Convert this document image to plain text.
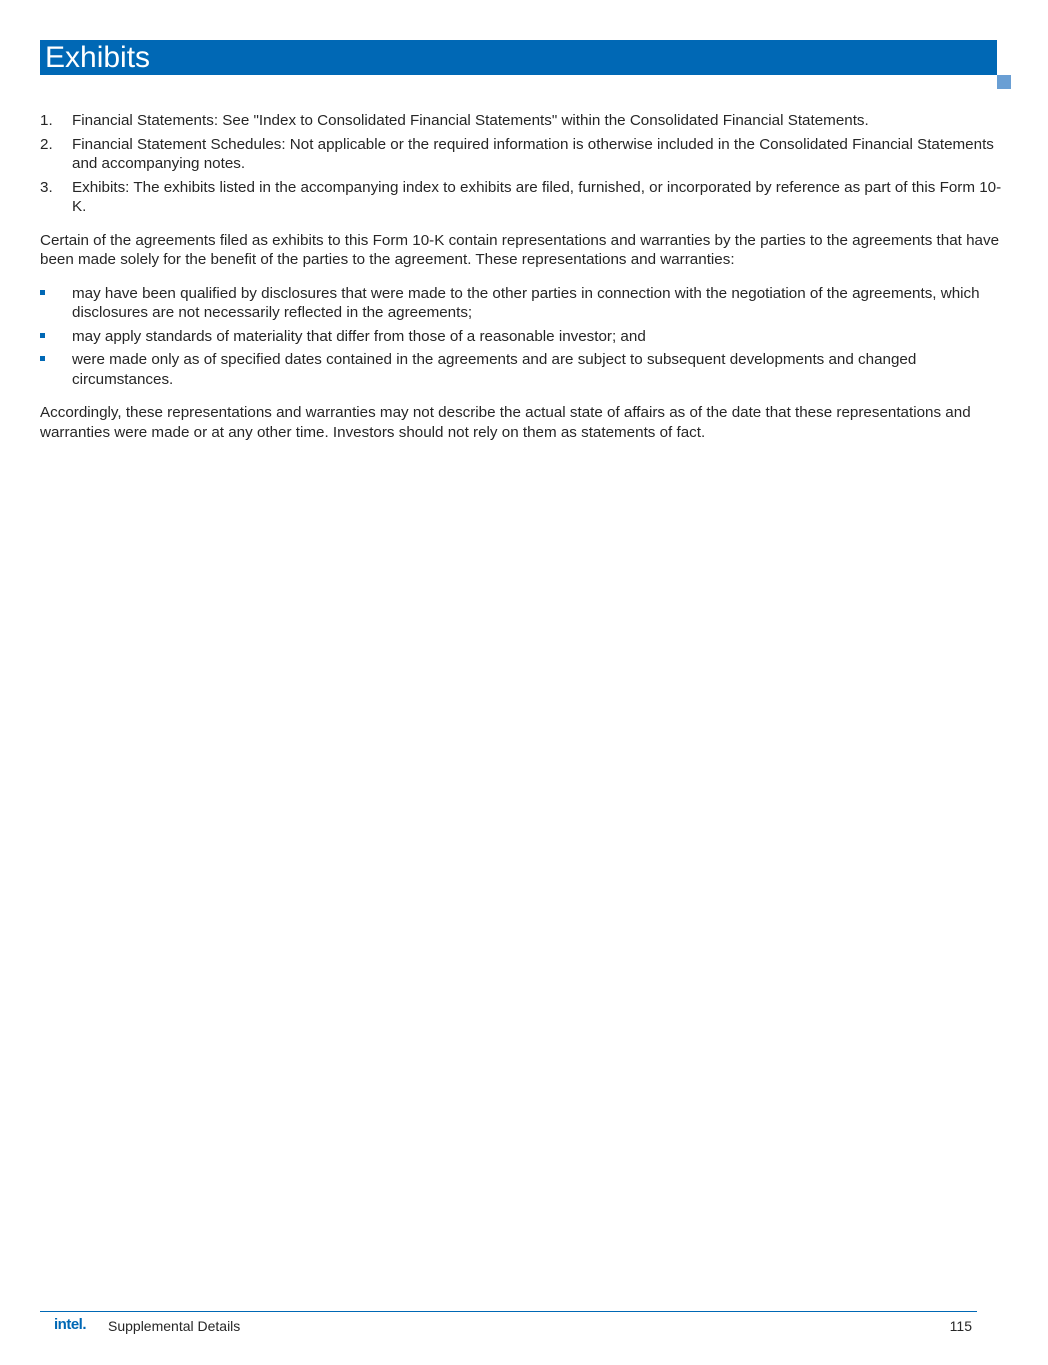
Exhibits
1. Financial Statements: See "Index to Consolidated Financial Statements" within the Consolidated Financial Statements.
2. Financial Statement Schedules: Not applicable or the required information is otherwise included in the Consolidated Financial Statements and accompanying notes.
3. Exhibits: The exhibits listed in the accompanying index to exhibits are filed, furnished, or incorporated by reference as part of this Form 10-K.

Certain of the agreements filed as exhibits to this Form 10-K contain representations and warranties by the parties to the agreements that have been made solely for the benefit of the parties to the agreement. These representations and warranties:

may have been qualified by disclosures that were made to the other parties in connection with the negotiation of the agreements, which disclosures are not necessarily reflected in the agreements;
may apply standards of materiality that differ from those of a reasonable investor; and
were made only as of specified dates contained in the agreements and are subject to subsequent developments and changed circumstances.

Accordingly, these representations and warranties may not describe the actual state of affairs as of the date that these representations and warranties were made or at any other time. Investors should not rely on them as statements of fact.

intel. Supplemental Details	115
